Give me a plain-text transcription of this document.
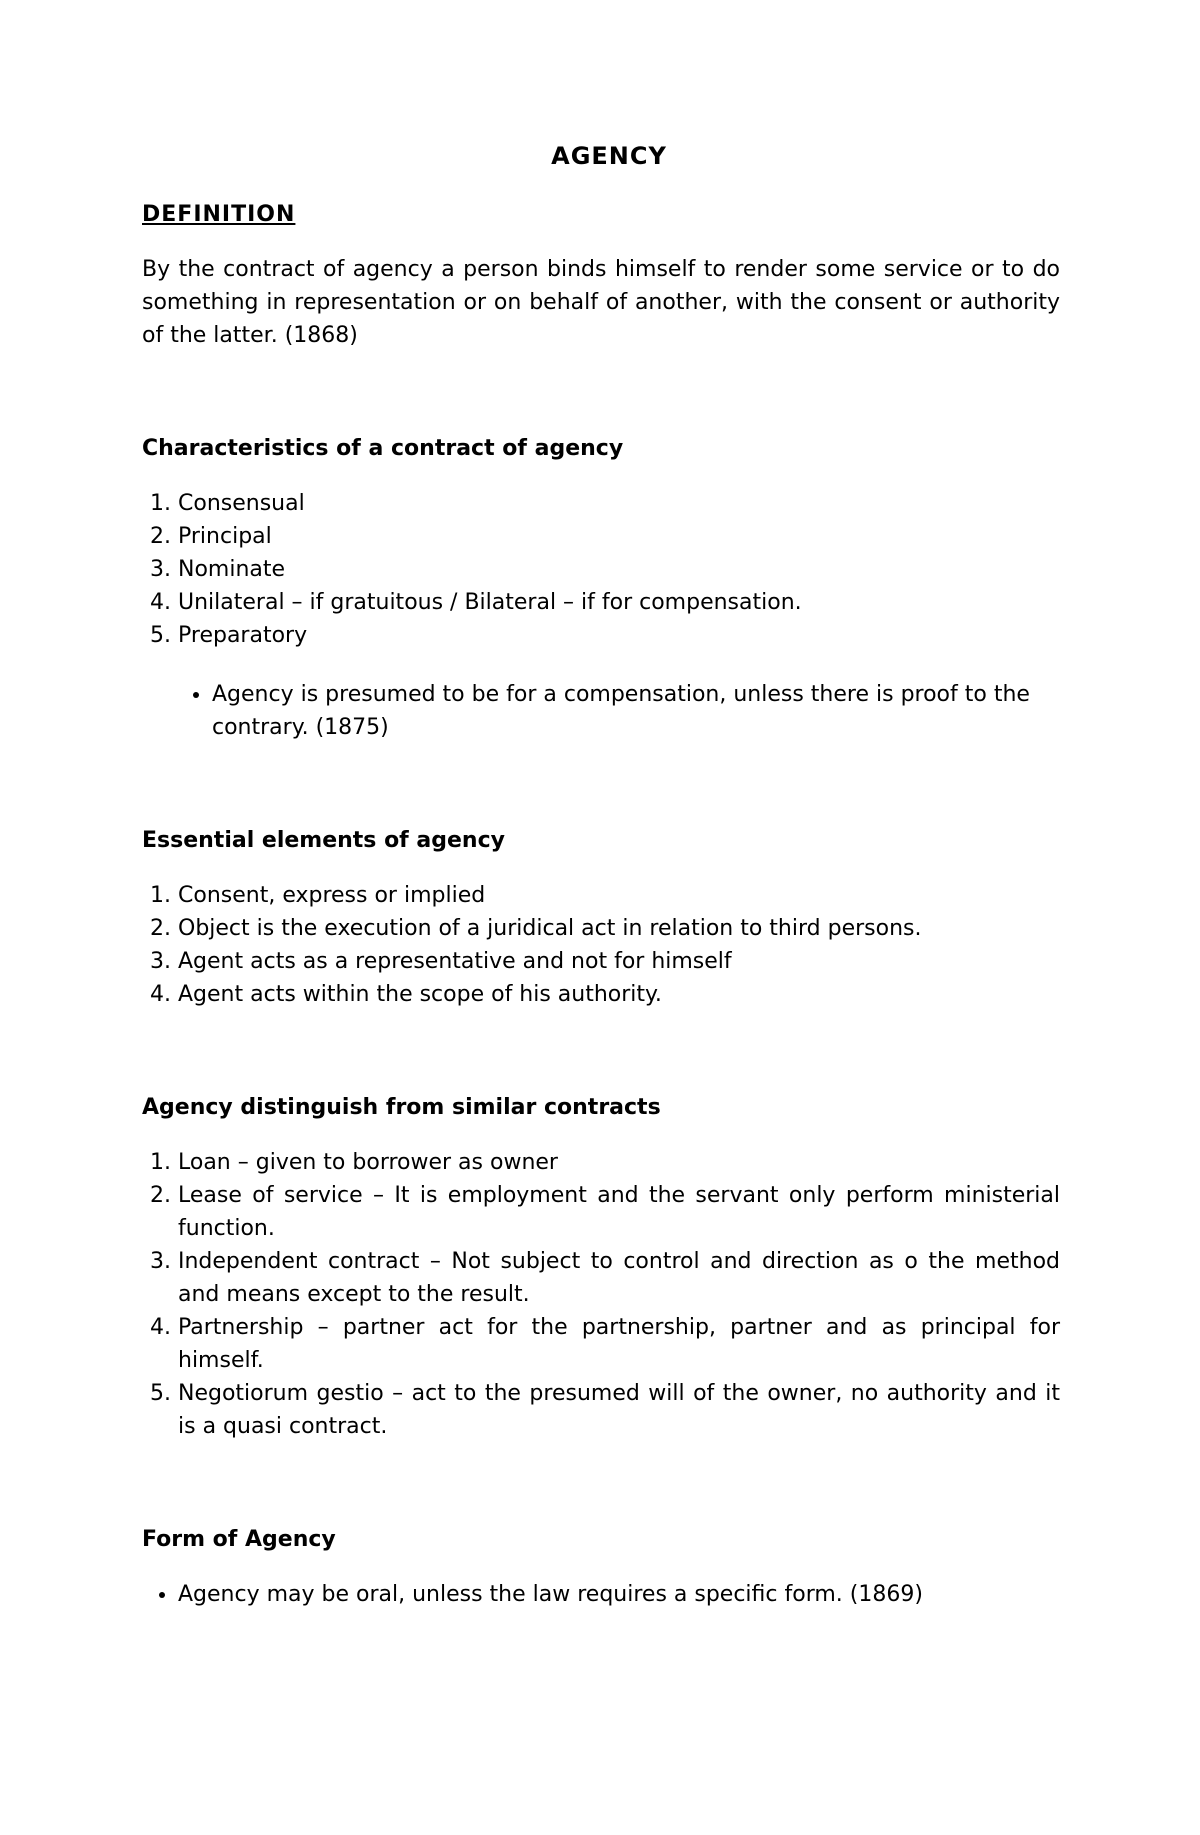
AGENCY
DEFINITION

By the contract of agency a person binds himself to render some service or to do something in representation or on behalf of another, with the consent or authority of the latter. (1868)

Characteristics of a contract of agency
1. Consensual
2. Principal
3. Nominate
4. Unilateral – if gratuitous / Bilateral – if for compensation.
5. Preparatory
• Agency is presumed to be for a compensation, unless there is proof to the contrary. (1875)
Essential elements of agency
1. Consent, express or implied
2. Object is the execution of a juridical act in relation to third persons.
3. Agent acts as a representative and not for himself
4. Agent acts within the scope of his authority.
Agency distinguish from similar contracts
1. Loan – given to borrower as owner
2. Lease of service – It is employment and the servant only perform ministerial function.
3. Independent contract – Not subject to control and direction as o the method and means except to the result.
4. Partnership – partner act for the partnership, partner and as principal for himself.
5. Negotiorum gestio – act to the presumed will of the owner, no authority and it is a quasi contract.
Form of Agency
• Agency may be oral, unless the law requires a specific form. (1869)
